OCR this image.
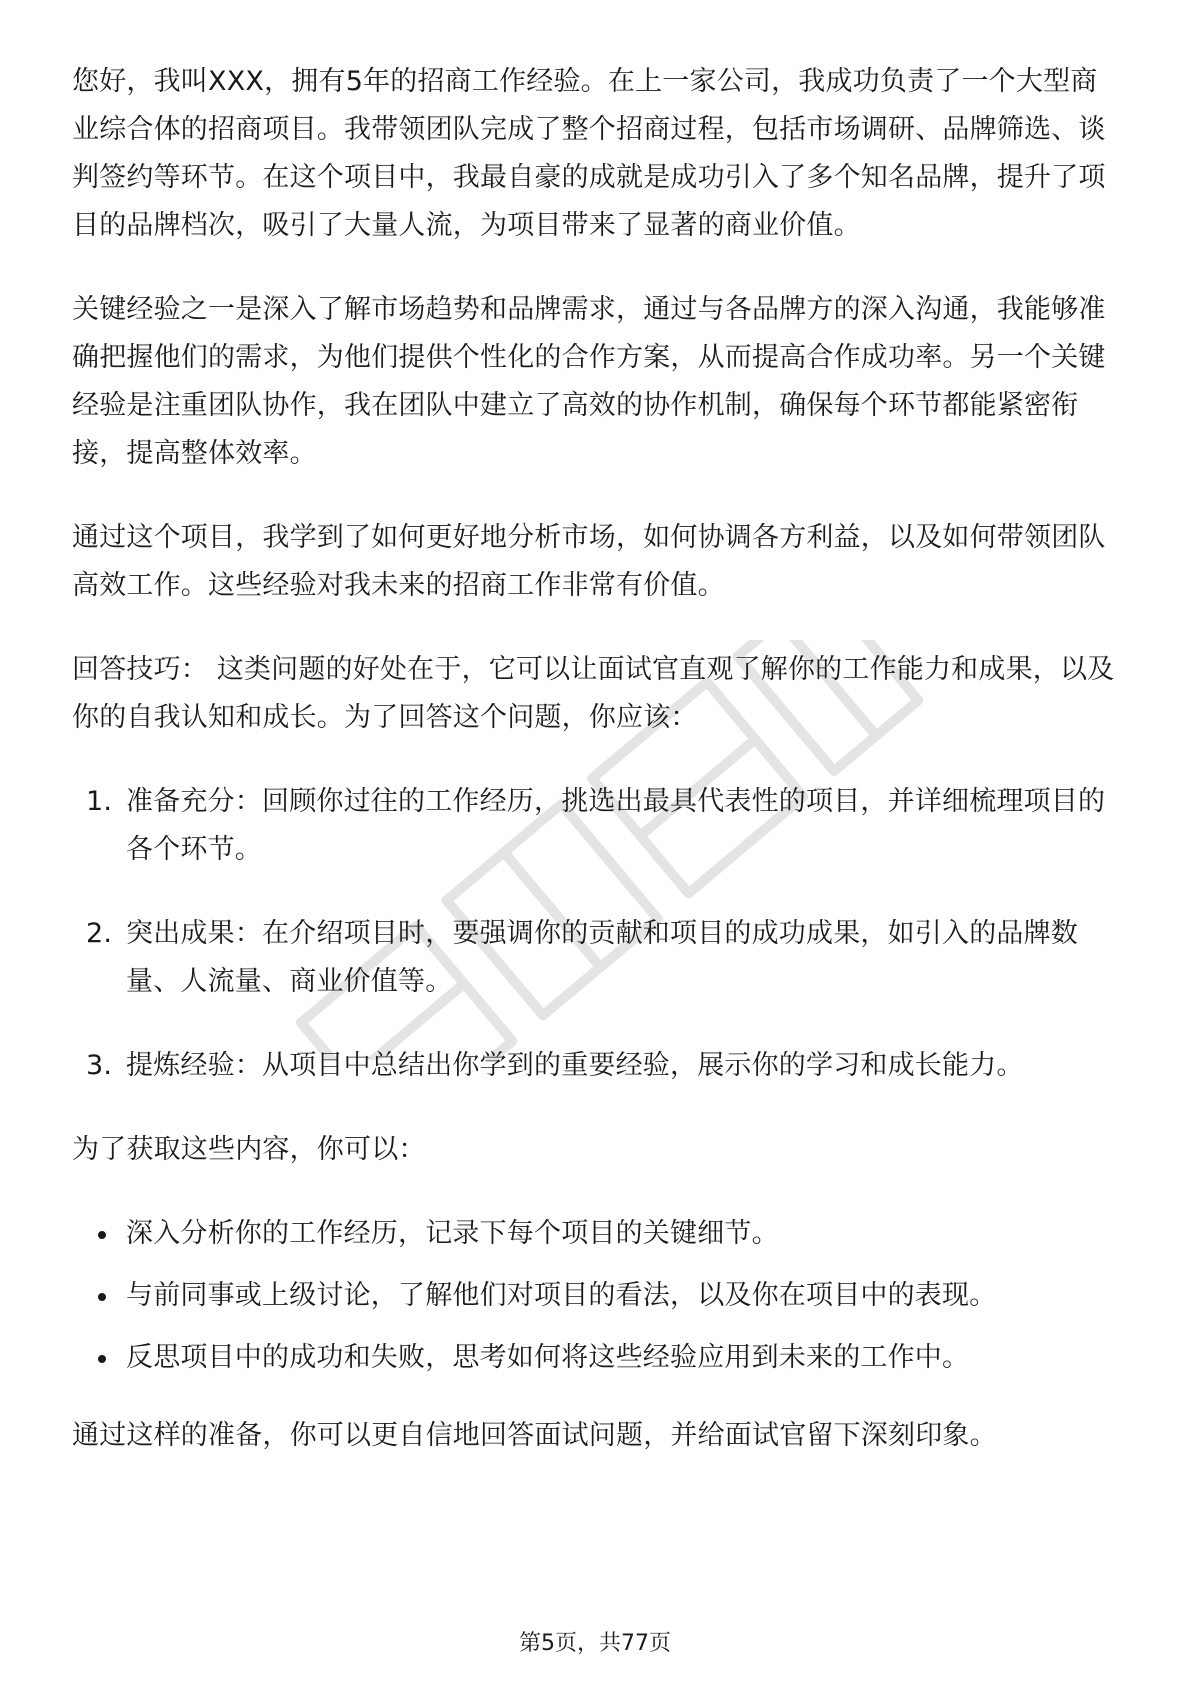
您好，我叫XXX，拥有5年的招商工作经验。在上一家公司，我成功负责了一个大型商业综合体的招商项目。我带领团队完成了整个招商过程，包括市场调研、品牌筛选、谈判签约等环节。在这个项目中，我最自豪的成就是成功引入了多个知名品牌，提升了项目的品牌档次，吸引了大量人流，为项目带来了显著的商业价值。

关键经验之一是深入了解市场趋势和品牌需求，通过与各品牌方的深入沟通，我能够准确把握他们的需求，为他们提供个性化的合作方案，从而提高合作成功率。另一个关键经验是注重团队协作，我在团队中建立了高效的协作机制，确保每个环节都能紧密衔接，提高整体效率。

通过这个项目，我学到了如何更好地分析市场，如何协调各方利益，以及如何带领团队高效工作。这些经验对我未来的招商工作非常有价值。

回答技巧： 这类问题的好处在于，它可以让面试官直观了解你的工作能力和成果，以及你的自我认知和成长。为了回答这个问题，你应该：

1. 准备充分：回顾你过往的工作经历，挑选出最具代表性的项目，并详细梳理项目的各个环节。
2. 突出成果：在介绍项目时，要强调你的贡献和项目的成功成果，如引入的品牌数量、人流量、商业价值等。
3. 提炼经验：从项目中总结出你学到的重要经验，展示你的学习和成长能力。

为了获取这些内容，你可以：

深入分析你的工作经历，记录下每个项目的关键细节。
与前同事或上级讨论，了解他们对项目的看法，以及你在项目中的表现。
反思项目中的成功和失败，思考如何将这些经验应用到未来的工作中。

通过这样的准备，你可以更自信地回答面试问题，并给面试官留下深刻印象。

第5页，共77页
